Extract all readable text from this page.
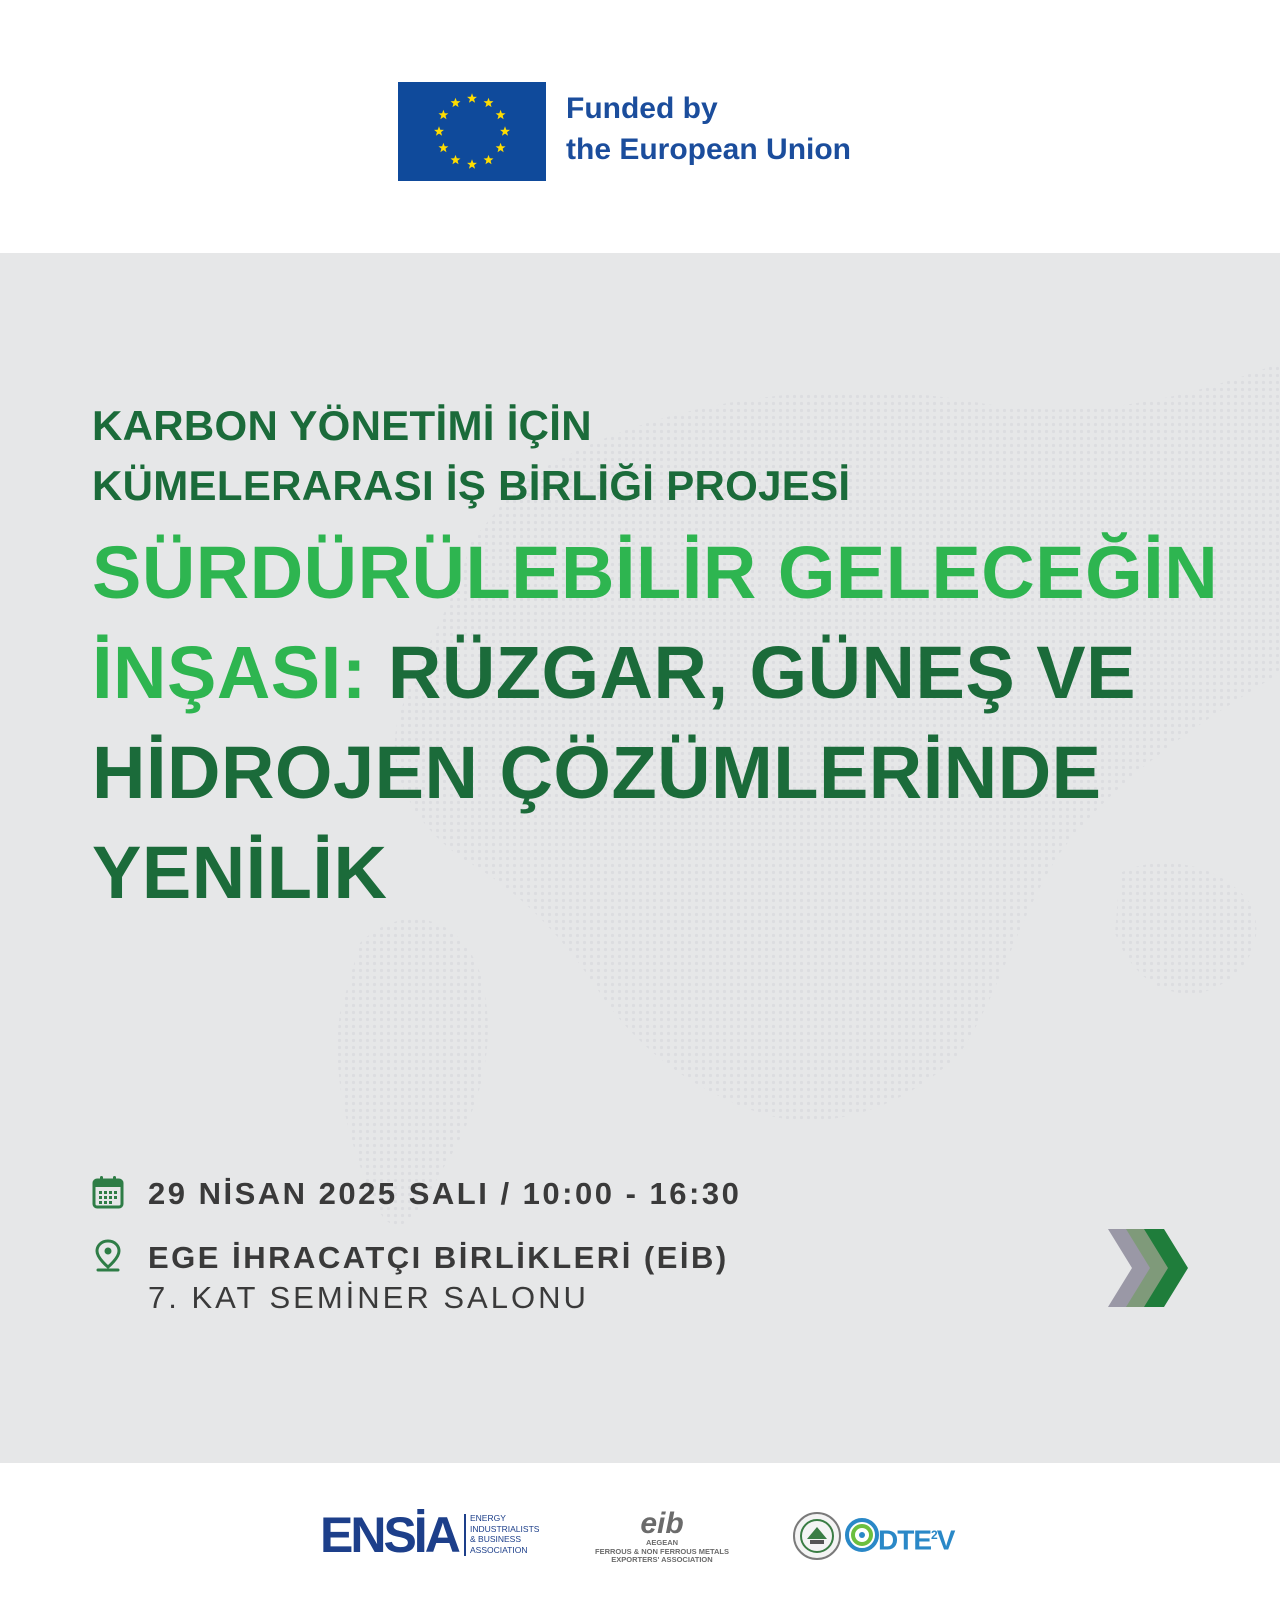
Funded by
the European Union
KARBON YÖNETİMİ İÇİN
KÜMELERARASI İŞ BİRLİĞİ PROJESİ
SÜRDÜRÜLEBİLİR GELECEĞİN
İNŞASI: RÜZGAR, GÜNEŞ VE
HİDROJEN ÇÖZÜMLERİNDE
YENİLİK
29 NİSAN 2025 SALI / 10:00 - 16:30
EGE İHRACATÇI BİRLİKLERİ (EİB)
7. KAT SEMİNER SALONU
ENSİA ENERGY
INDUSTRIALISTS
& BUSINESS
ASSOCIATION
eib
AEGEAN
FERROUS & NON FERROUS METALS
EXPORTERS' ASSOCIATION
DTE$^2$V
